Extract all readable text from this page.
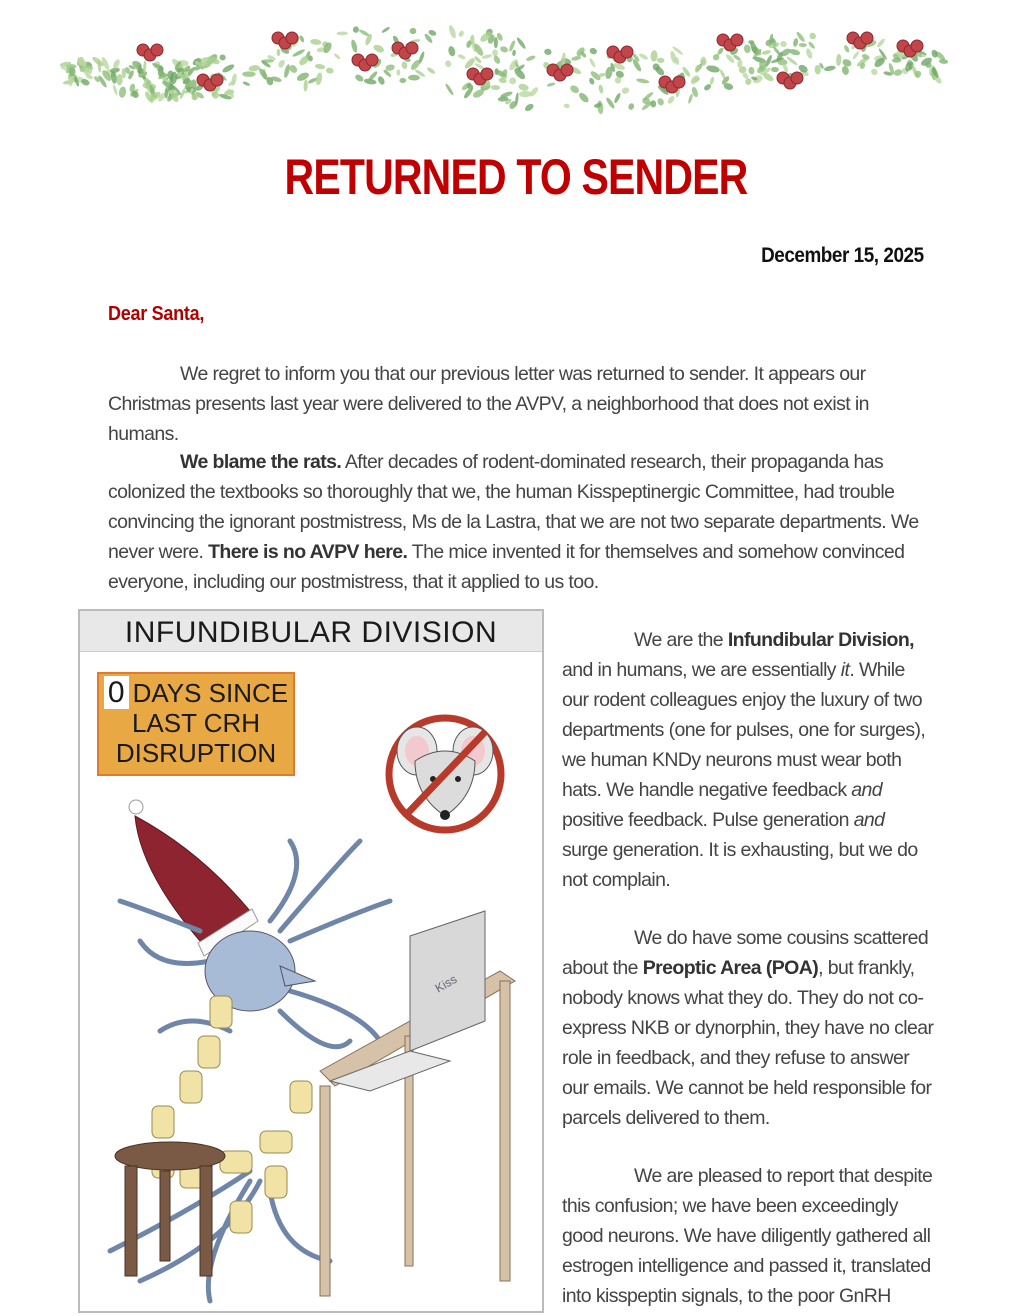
RETURNED TO SENDER
December 15, 2025
Dear Santa,
We regret to inform you that our previous letter was returned to sender. It appears our Christmas presents last year were delivered to the AVPV, a neighborhood that does not exist in humans.
We blame the rats. After decades of rodent-dominated research, their propaganda has colonized the textbooks so thoroughly that we, the human Kisspeptinergic Committee, had trouble convincing the ignorant postmistress, Ms de la Lastra, that we are not two separate departments. We never were. There is no AVPV here. The mice invented it for themselves and somehow convinced everyone, including our postmistress, that it applied to us too.
INFUNDIBULAR DIVISION
Kiss
0 DAYS SINCE
LAST CRH
DISRUPTION
We are the Infundibular Division, and in humans, we are essentially it. While our rodent colleagues enjoy the luxury of two departments (one for pulses, one for surges), we human KNDy neurons must wear both hats. We handle negative feedback and positive feedback. Pulse generation and surge generation. It is exhausting, but we do not complain.
We do have some cousins scattered about the Preoptic Area (POA), but frankly, nobody knows what they do. They do not co-express NKB or dynorphin, they have no clear role in feedback, and they refuse to answer our emails. We cannot be held responsible for parcels delivered to them.
We are pleased to report that despite this confusion; we have been exceedingly good neurons. We have diligently gathered all estrogen intelligence and passed it, translated into kisspeptin signals, to the poor GnRH
